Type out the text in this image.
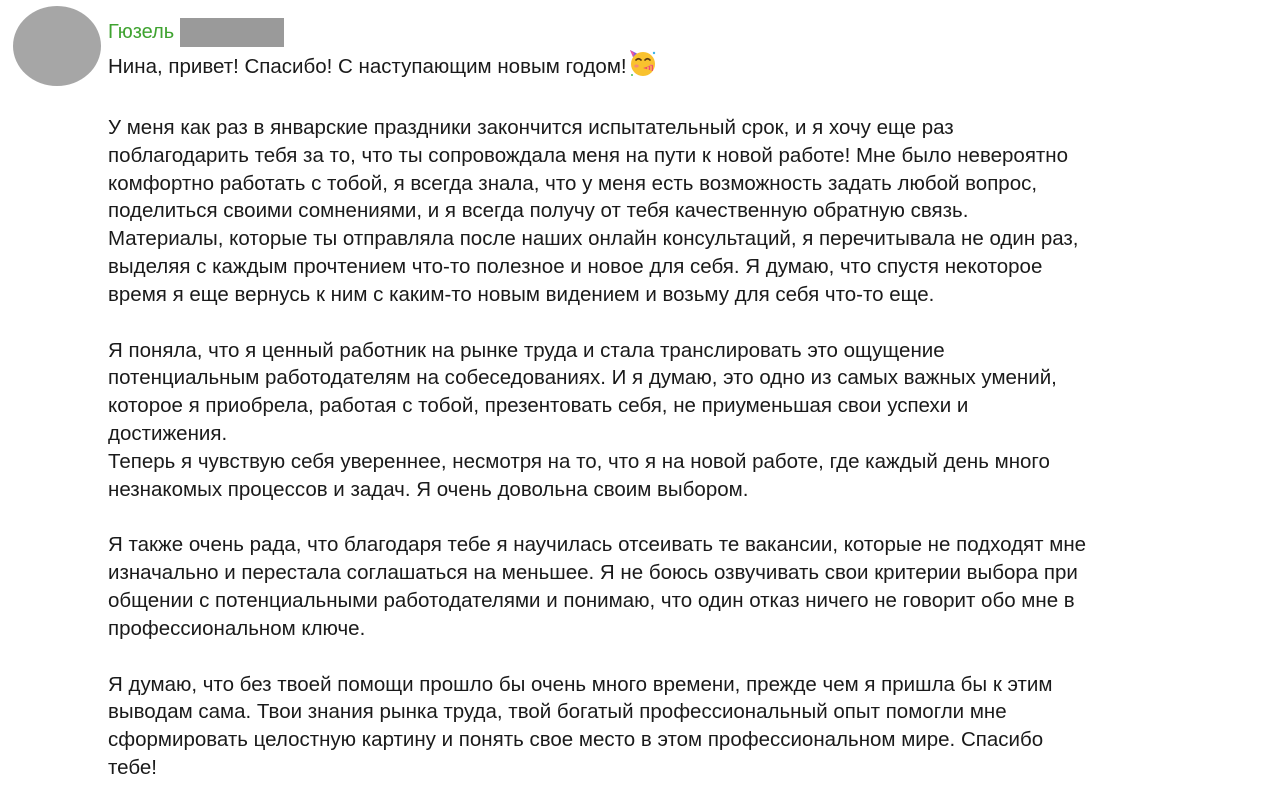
Гюзель
Нина, привет! Спасибо! С наступающим новым годом!
У меня как раз в январские праздники закончится испытательный срок, и я хочу еще раз
поблагодарить тебя за то, что ты сопровождала меня на пути к новой работе! Мне было невероятно
комфортно работать с тобой, я всегда знала, что у меня есть возможность задать любой вопрос,
поделиться своими сомнениями, и я всегда получу от тебя качественную обратную связь.
Материалы, которые ты отправляла после наших онлайн консультаций, я перечитывала не один раз,
выделяя с каждым прочтением что-то полезное и новое для себя. Я думаю, что спустя некоторое
время я еще вернусь к ним с каким-то новым видением и возьму для себя что-то еще.
Я поняла, что я ценный работник на рынке труда и стала транслировать это ощущение
потенциальным работодателям на собеседованиях. И я думаю, это одно из самых важных умений,
которое я приобрела, работая с тобой, презентовать себя, не приуменьшая свои успехи и
достижения.
Теперь я чувствую себя увереннее, несмотря на то, что я на новой работе, где каждый день много
незнакомых процессов и задач. Я очень довольна своим выбором.
Я также очень рада, что благодаря тебе я научилась отсеивать те вакансии, которые не подходят мне
изначально и перестала соглашаться на меньшее. Я не боюсь озвучивать свои критерии выбора при
общении с потенциальными работодателями и понимаю, что один отказ ничего не говорит обо мне в
профессиональном ключе.
Я думаю, что без твоей помощи прошло бы очень много времени, прежде чем я пришла бы к этим
выводам сама. Твои знания рынка труда, твой богатый профессиональный опыт помогли мне
сформировать целостную картину и понять свое место в этом профессиональном мире. Спасибо
тебе!
